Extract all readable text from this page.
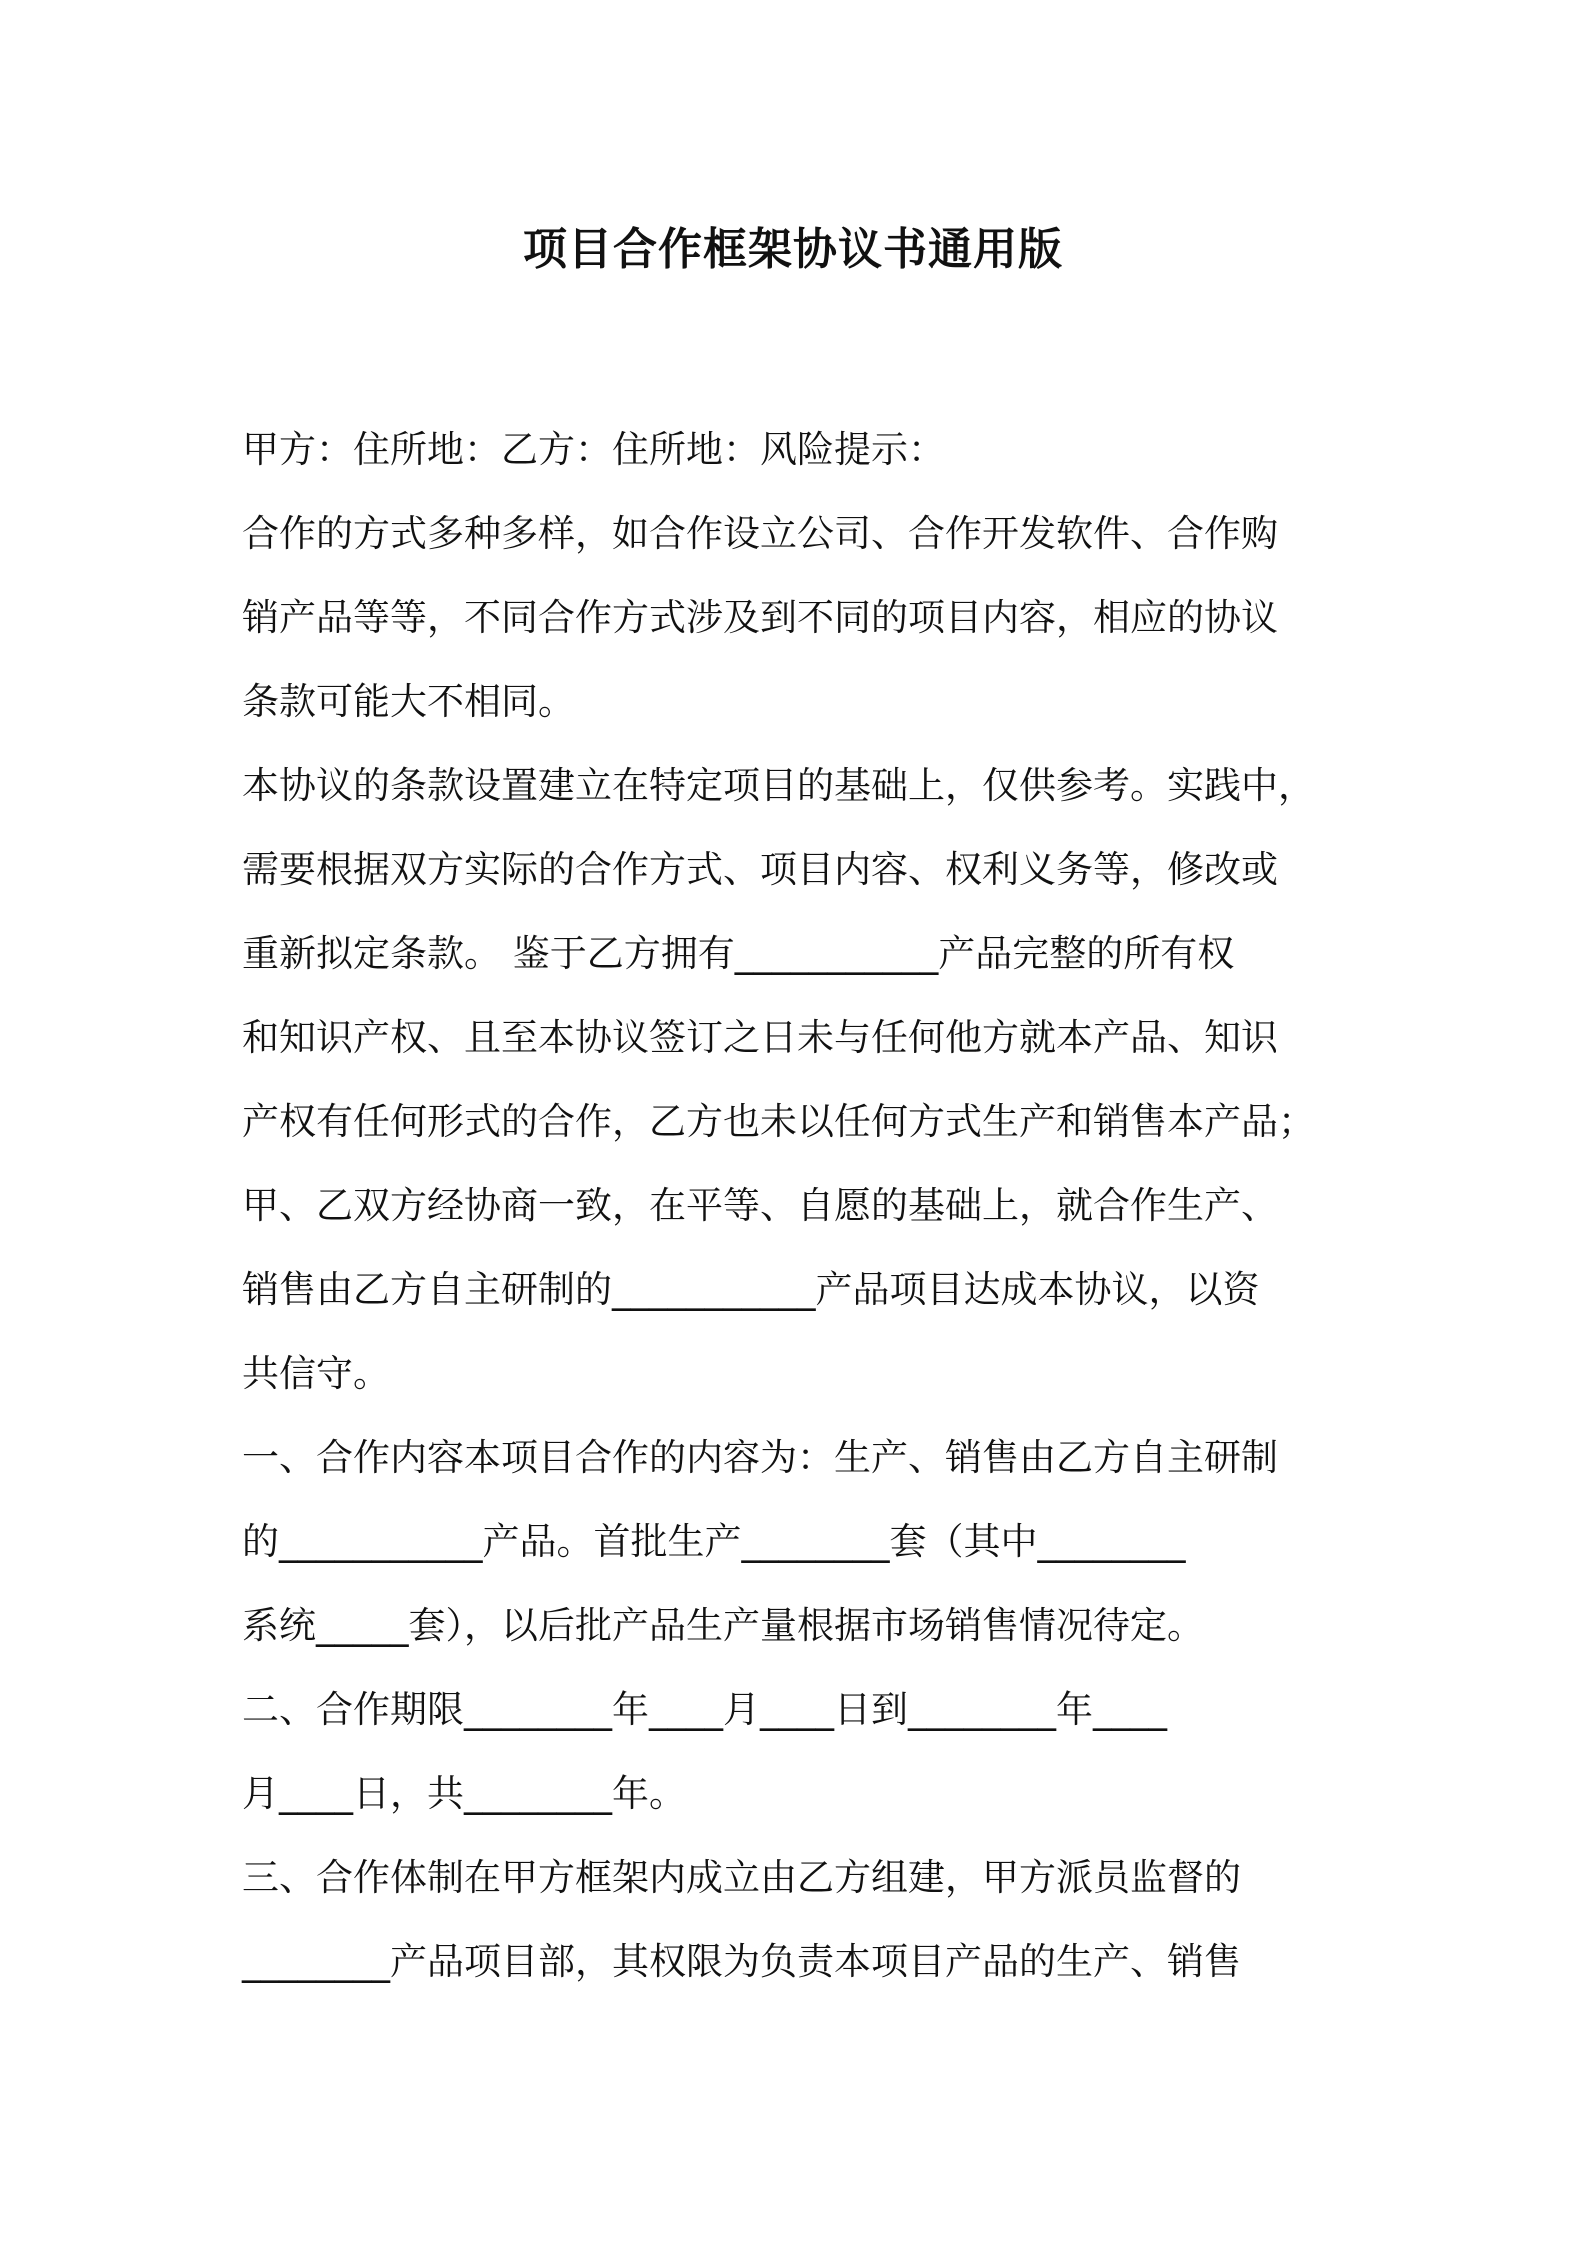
项目合作框架协议书通用版
甲方：住所地：乙方：住所地：风险提示：
合作的方式多种多样，如合作设立公司、合作开发软件、合作购
销产品等等，不同合作方式涉及到不同的项目内容，相应的协议
条款可能大不相同。
本协议的条款设置建立在特定项目的基础上，仅供参考。实践中，
需要根据双方实际的合作方式、项目内容、权利义务等，修改或
重新拟定条款。 鉴于乙方拥有___________产品完整的所有权
和知识产权、且至本协议签订之日未与任何他方就本产品、知识
产权有任何形式的合作，乙方也未以任何方式生产和销售本产品；
甲、乙双方经协商一致，在平等、自愿的基础上，就合作生产、
销售由乙方自主研制的___________产品项目达成本协议，以资
共信守。
一、合作内容本项目合作的内容为：生产、销售由乙方自主研制
的___________产品。首批生产________套（其中________
系统_____套），以后批产品生产量根据市场销售情况待定。
二、合作期限________年____月____日到________年____
月____日，共________年。
三、合作体制在甲方框架内成立由乙方组建，甲方派员监督的
________产品项目部，其权限为负责本项目产品的生产、销售
